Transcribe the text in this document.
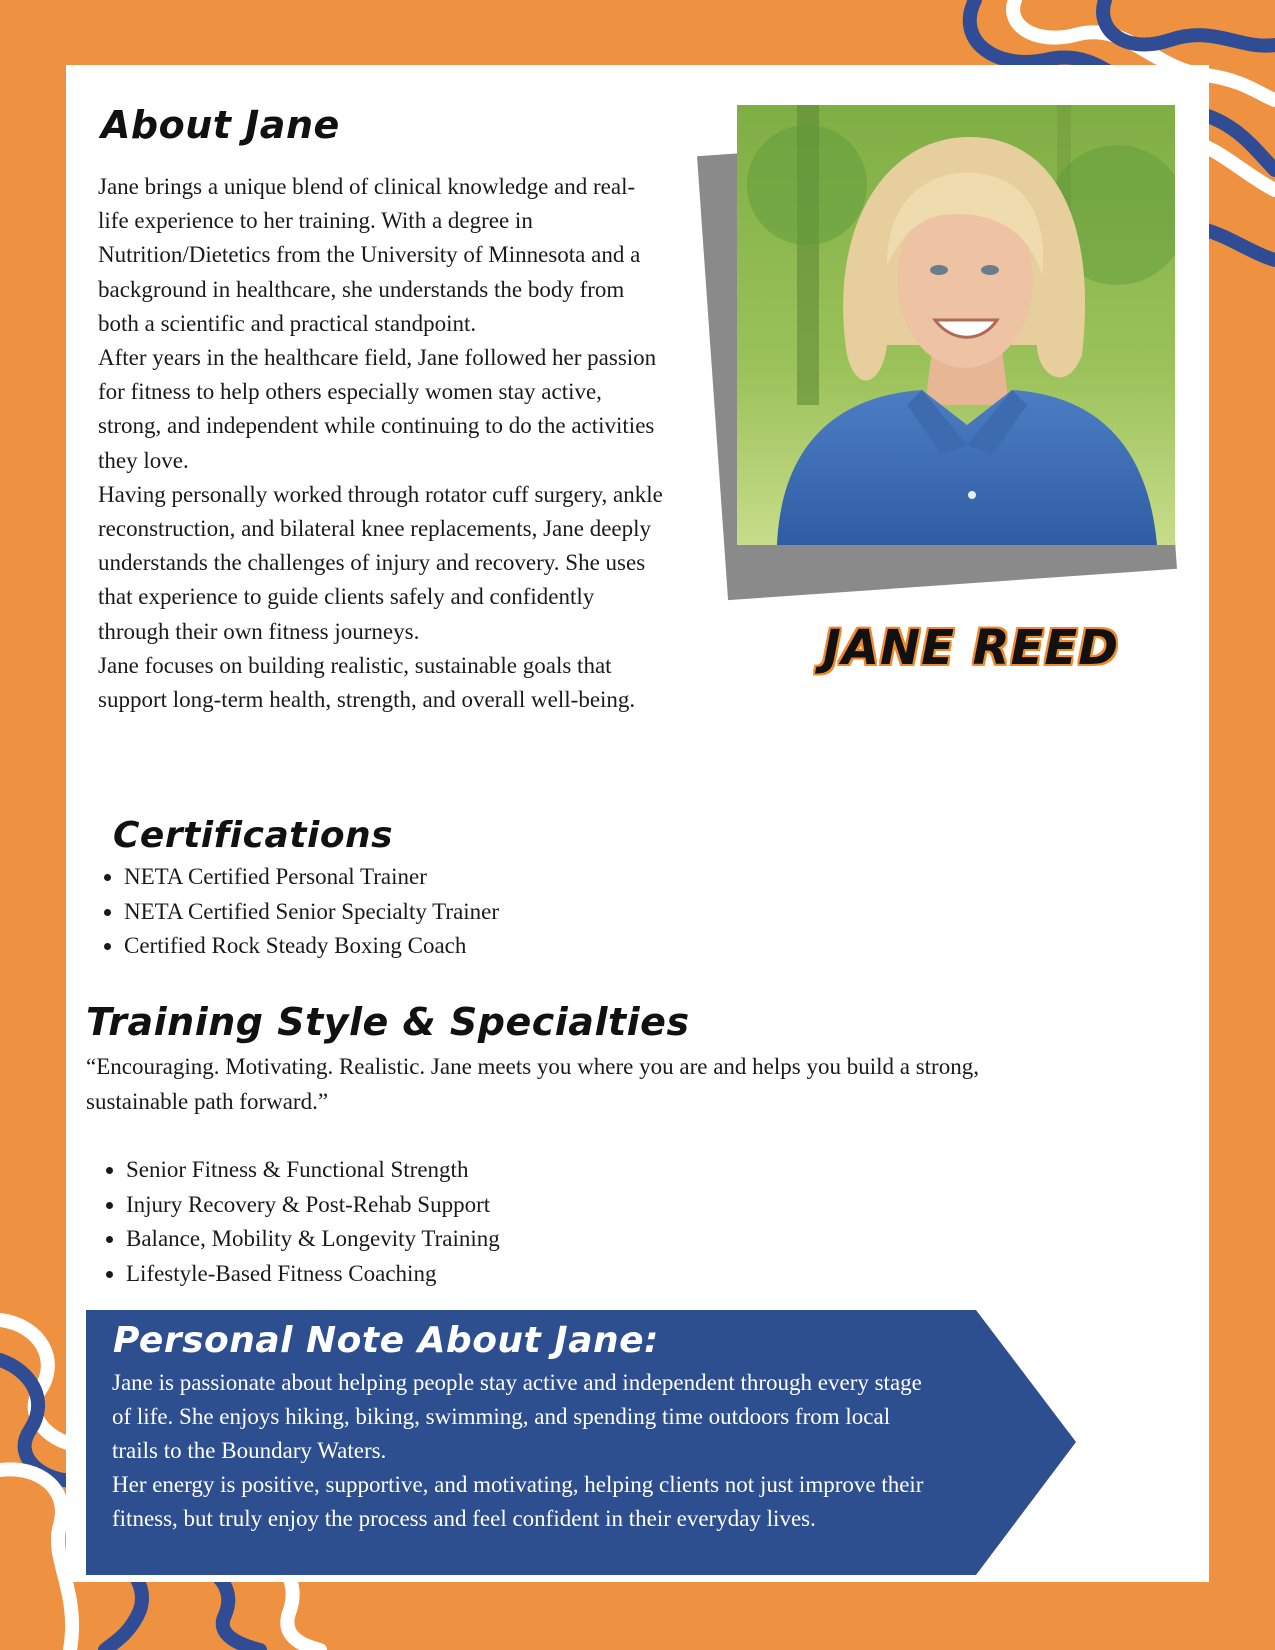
About Jane

Jane brings a unique blend of clinical knowledge and real-life experience to her training. With a degree in Nutrition/Dietetics from the University of Minnesota and a background in healthcare, she understands the body from both a scientific and practical standpoint.

After years in the healthcare field, Jane followed her passion for fitness to help others especially women stay active, strong, and independent while continuing to do the activities they love.

Having personally worked through rotator cuff surgery, ankle reconstruction, and bilateral knee replacements, Jane deeply understands the challenges of injury and recovery. She uses that experience to guide clients safely and confidently through their own fitness journeys.

Jane focuses on building realistic, sustainable goals that support long-term health, strength, and overall well-being.

JANE REED
Certifications
• NETA Certified Personal Trainer
• NETA Certified Senior Specialty Trainer
• Certified Rock Steady Boxing Coach
Training Style & Specialties

“Encouraging. Motivating. Realistic. Jane meets you where you are and helps you build a strong, sustainable path forward.”

• Senior Fitness & Functional Strength
• Injury Recovery & Post-Rehab Support
• Balance, Mobility & Longevity Training
• Lifestyle-Based Fitness Coaching
Personal Note About Jane:

Jane is passionate about helping people stay active and independent through every stage of life. She enjoys hiking, biking, swimming, and spending time outdoors from local trails to the Boundary Waters.

Her energy is positive, supportive, and motivating, helping clients not just improve their fitness, but truly enjoy the process and feel confident in their everyday lives.
